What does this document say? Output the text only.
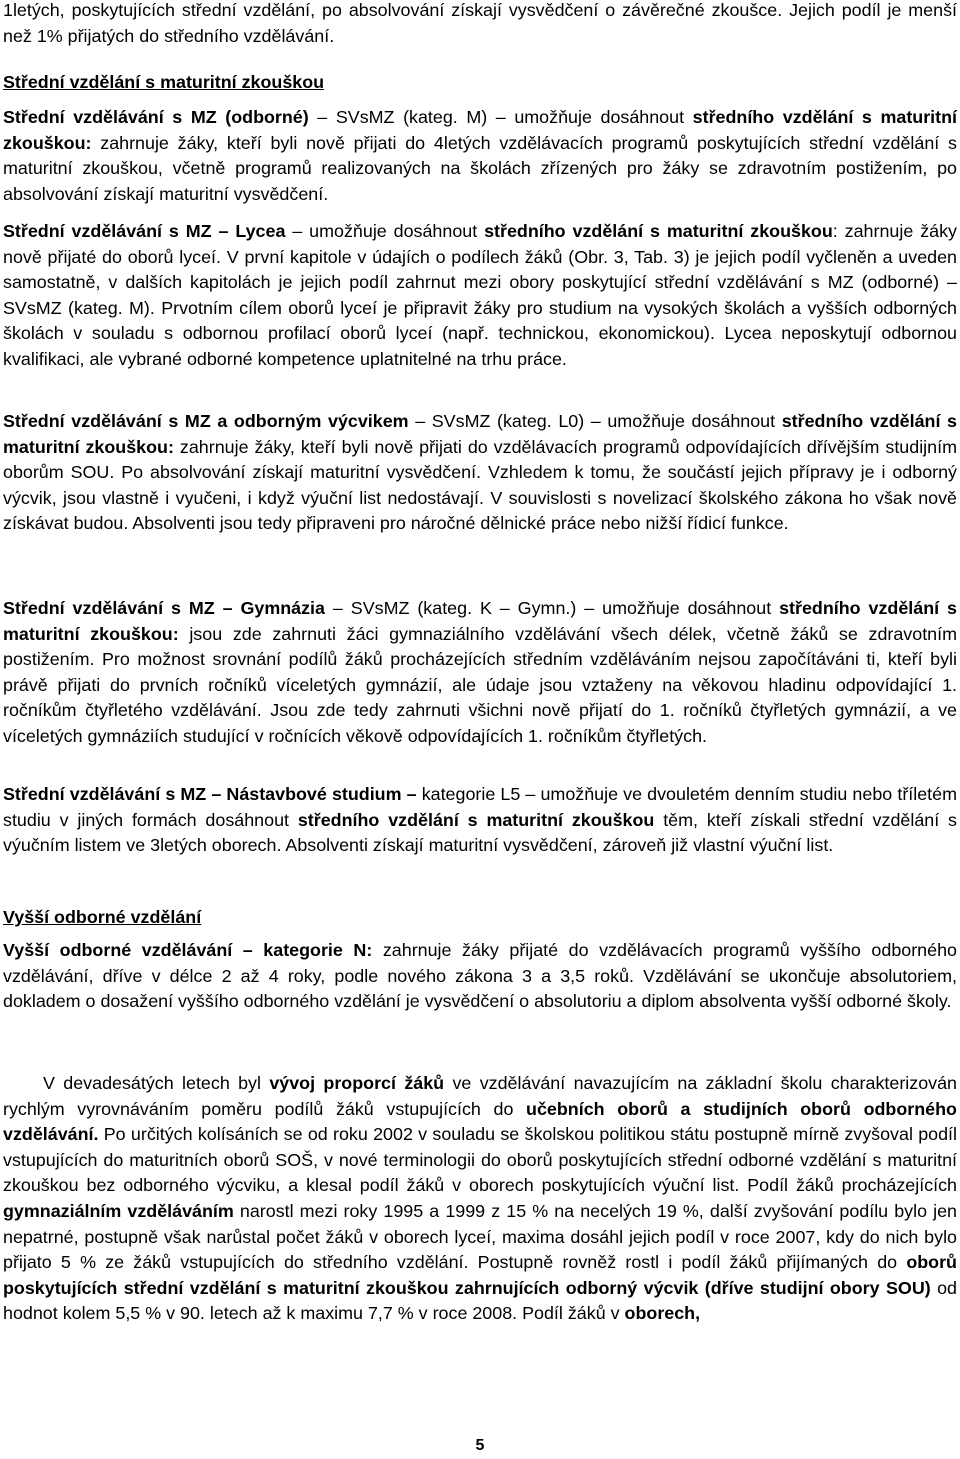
1letých, poskytujících střední vzdělání, po absolvování získají vysvědčení o závěrečné zkoušce. Jejich podíl je menší než 1% přijatých do středního vzdělávání.

Střední vzdělání s maturitní zkouškou

Střední vzdělávání s MZ (odborné) – SVsMZ (kateg. M) – umožňuje dosáhnout středního vzdělání s maturitní zkouškou: zahrnuje žáky, kteří byli nově přijati do 4letých vzdělávacích programů poskytujících střední vzdělání s maturitní zkouškou, včetně programů realizovaných na školách zřízených pro žáky se zdravotním postižením, po absolvování získají maturitní vysvědčení.

Střední vzdělávání s MZ – Lycea – umožňuje dosáhnout středního vzdělání s maturitní zkouškou: zahrnuje žáky nově přijaté do oborů lyceí. V první kapitole v údajích o podílech žáků (Obr. 3, Tab. 3) je jejich podíl vyčleněn a uveden samostatně, v dalších kapitolách je jejich podíl zahrnut mezi obory poskytující střední vzdělávání s MZ (odborné) – SVsMZ (kateg. M). Prvotním cílem oborů lyceí je připravit žáky pro studium na vysokých školách a vyšších odborných školách v souladu s odbornou profilací oborů lyceí (např. technickou, ekonomickou). Lycea neposkytují odbornou kvalifikaci, ale vybrané odborné kompetence uplatnitelné na trhu práce.

Střední vzdělávání s MZ a odborným výcvikem – SVsMZ (kateg. L0) – umožňuje dosáhnout středního vzdělání s maturitní zkouškou: zahrnuje žáky, kteří byli nově přijati do vzdělávacích programů odpovídajících dřívějším studijním oborům SOU. Po absolvování získají maturitní vysvědčení. Vzhledem k tomu, že součástí jejich přípravy je i odborný výcvik, jsou vlastně i vyučeni, i když výuční list nedostávají. V souvislosti s novelizací školského zákona ho však nově získávat budou. Absolventi jsou tedy připraveni pro náročné dělnické práce nebo nižší řídicí funkce.

Střední vzdělávání s MZ – Gymnázia – SVsMZ (kateg. K – Gymn.) – umožňuje dosáhnout středního vzdělání s maturitní zkouškou: jsou zde zahrnuti žáci gymnaziálního vzdělávání všech délek, včetně žáků se zdravotním postižením. Pro možnost srovnání podílů žáků procházejících středním vzděláváním nejsou započítáváni ti, kteří byli právě přijati do prvních ročníků víceletých gymnázií, ale údaje jsou vztaženy na věkovou hladinu odpovídající 1. ročníkům čtyřletého vzdělávání. Jsou zde tedy zahrnuti všichni nově přijatí do 1. ročníků čtyřletých gymnázií, a ve víceletých gymnáziích studující v ročnících věkově odpovídajících 1. ročníkům čtyřletých.

Střední vzdělávání s MZ – Nástavbové studium – kategorie L5 – umožňuje ve dvouletém denním studiu nebo tříletém studiu v jiných formách dosáhnout středního vzdělání s maturitní zkouškou těm, kteří získali střední vzdělání s výučním listem ve 3letých oborech. Absolventi získají maturitní vysvědčení, zároveň již vlastní výuční list.

Vyšší odborné vzdělání

Vyšší odborné vzdělávání – kategorie N: zahrnuje žáky přijaté do vzdělávacích programů vyššího odborného vzdělávání, dříve v délce 2 až 4 roky, podle nového zákona 3 a 3,5 roků. Vzdělávání se ukončuje absolutoriem, dokladem o dosažení vyššího odborného vzdělání je vysvědčení o absolutoriu a diplom absolventa vyšší odborné školy.

V devadesátých letech byl vývoj proporcí žáků ve vzdělávání navazujícím na základní školu charakterizován rychlým vyrovnáváním poměru podílů žáků vstupujících do učebních oborů a studijních oborů odborného vzdělávání. Po určitých kolísáních se od roku 2002 v souladu se školskou politikou státu postupně mírně zvyšoval podíl vstupujících do maturitních oborů SOŠ, v nové terminologii do oborů poskytujících střední odborné vzdělání s maturitní zkouškou bez odborného výcviku, a klesal podíl žáků v oborech poskytujících výuční list. Podíl žáků procházejících gymnaziálním vzděláváním narostl mezi roky 1995 a 1999 z 15 % na necelých 19 %, další zvyšování podílu bylo jen nepatrné, postupně však narůstal počet žáků v oborech lyceí, maxima dosáhl jejich podíl v roce 2007, kdy do nich bylo přijato 5 % ze žáků vstupujících do středního vzdělání. Postupně rovněž rostl i podíl žáků přijímaných do oborů poskytujících střední vzdělání s maturitní zkouškou zahrnujících odborný výcvik (dříve studijní obory SOU) od hodnot kolem 5,5 % v 90. letech až k maximu 7,7 % v roce 2008. Podíl žáků v oborech,

5
